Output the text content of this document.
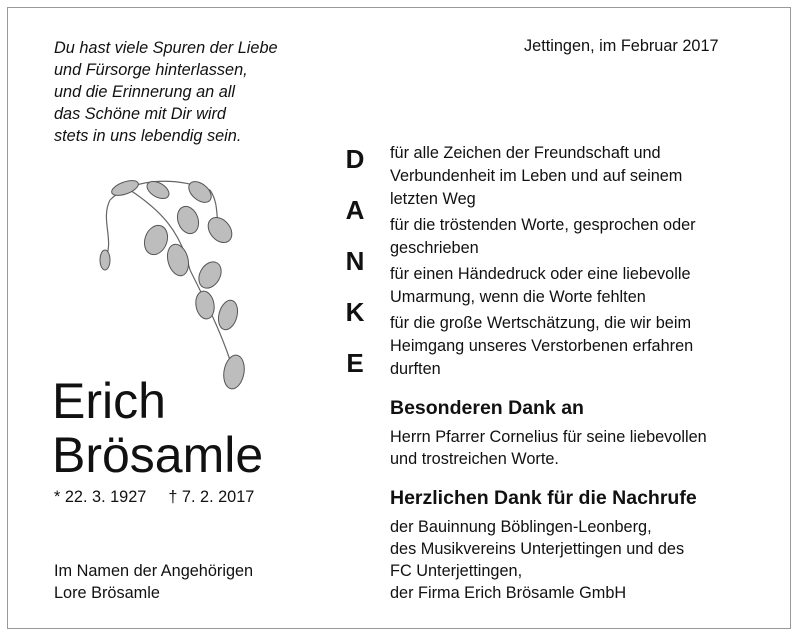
Du hast viele Spuren der Liebe
und Fürsorge hinterlassen,
und die Erinnerung an all
das Schöne mit Dir wird
stets in uns lebendig sein.
Jettingen, im Februar 2017
Erich
Brösamle
* 22. 3. 1927 † 7. 2. 2017
Im Namen der Angehörigen
Lore Brösamle
D
A
N
K
E
für alle Zeichen der Freundschaft und
Verbundenheit im Leben und auf seinem
letzten Weg
für die tröstenden Worte, gesprochen oder
geschrieben
für einen Händedruck oder eine liebevolle
Umarmung, wenn die Worte fehlten
für die große Wertschätzung, die wir beim
Heimgang unseres Verstorbenen erfahren
durften
Besonderen Dank an
Herrn Pfarrer Cornelius für seine liebevollen
und trostreichen Worte.
Herzlichen Dank für die Nachrufe
der Bauinnung Böblingen-Leonberg,
des Musikvereins Unterjettingen und des
FC Unterjettingen,
der Firma Erich Brösamle GmbH
